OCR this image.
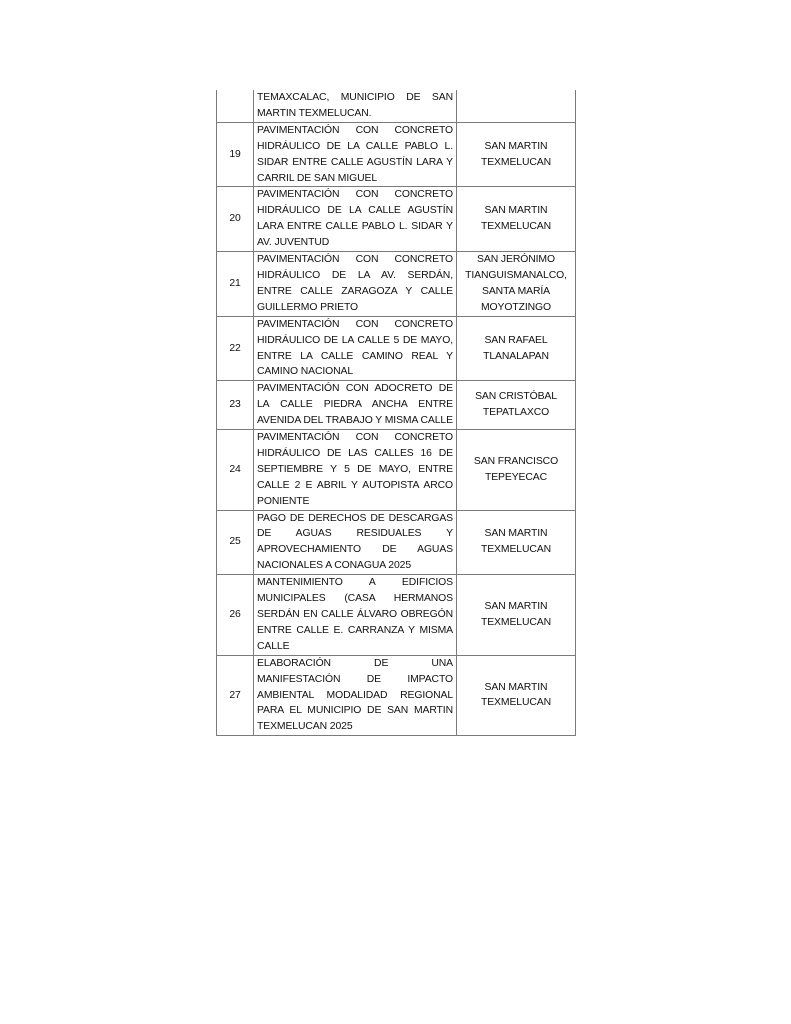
	TEMAXCALAC, MUNICIPIO DE SAN MARTIN TEXMELUCAN.	
19	PAVIMENTACIÓN CON CONCRETO HIDRÁULICO DE LA CALLE PABLO L. SIDAR ENTRE CALLE AGUSTÍN LARA Y CARRIL DE SAN MIGUEL	SAN MARTIN TEXMELUCAN
20	PAVIMENTACIÓN CON CONCRETO HIDRÁULICO DE LA CALLE AGUSTÍN LARA ENTRE CALLE PABLO L. SIDAR Y AV. JUVENTUD	SAN MARTIN TEXMELUCAN
21	PAVIMENTACIÓN CON CONCRETO HIDRÁULICO DE LA AV. SERDÁN, ENTRE CALLE ZARAGOZA Y CALLE GUILLERMO PRIETO	SAN JERÓNIMO TIANGUISMANALCO, SANTA MARÍA MOYOTZINGO
22	PAVIMENTACIÓN CON CONCRETO HIDRÁULICO DE LA CALLE 5 DE MAYO, ENTRE LA CALLE CAMINO REAL Y CAMINO NACIONAL	SAN RAFAEL TLANALAPAN
23	PAVIMENTACIÓN CON ADOCRETO DE LA CALLE PIEDRA ANCHA ENTRE AVENIDA DEL TRABAJO Y MISMA CALLE	SAN CRISTÓBAL TEPATLAXCO
24	PAVIMENTACIÓN CON CONCRETO HIDRÁULICO DE LAS CALLES 16 DE SEPTIEMBRE Y 5 DE MAYO, ENTRE CALLE 2 E ABRIL Y AUTOPISTA ARCO PONIENTE	SAN FRANCISCO TEPEYECAC
25	PAGO DE DERECHOS DE DESCARGAS DE AGUAS RESIDUALES Y APROVECHAMIENTO DE AGUAS NACIONALES A CONAGUA 2025	SAN MARTIN TEXMELUCAN
26	MANTENIMIENTO A EDIFICIOS MUNICIPALES (CASA HERMANOS SERDÁN EN CALLE ÁLVARO OBREGÓN ENTRE CALLE E. CARRANZA Y MISMA CALLE	SAN MARTIN TEXMELUCAN
27	ELABORACIÓN DE UNA MANIFESTACIÓN DE IMPACTO AMBIENTAL MODALIDAD REGIONAL PARA EL MUNICIPIO DE SAN MARTIN TEXMELUCAN 2025	SAN MARTIN TEXMELUCAN
